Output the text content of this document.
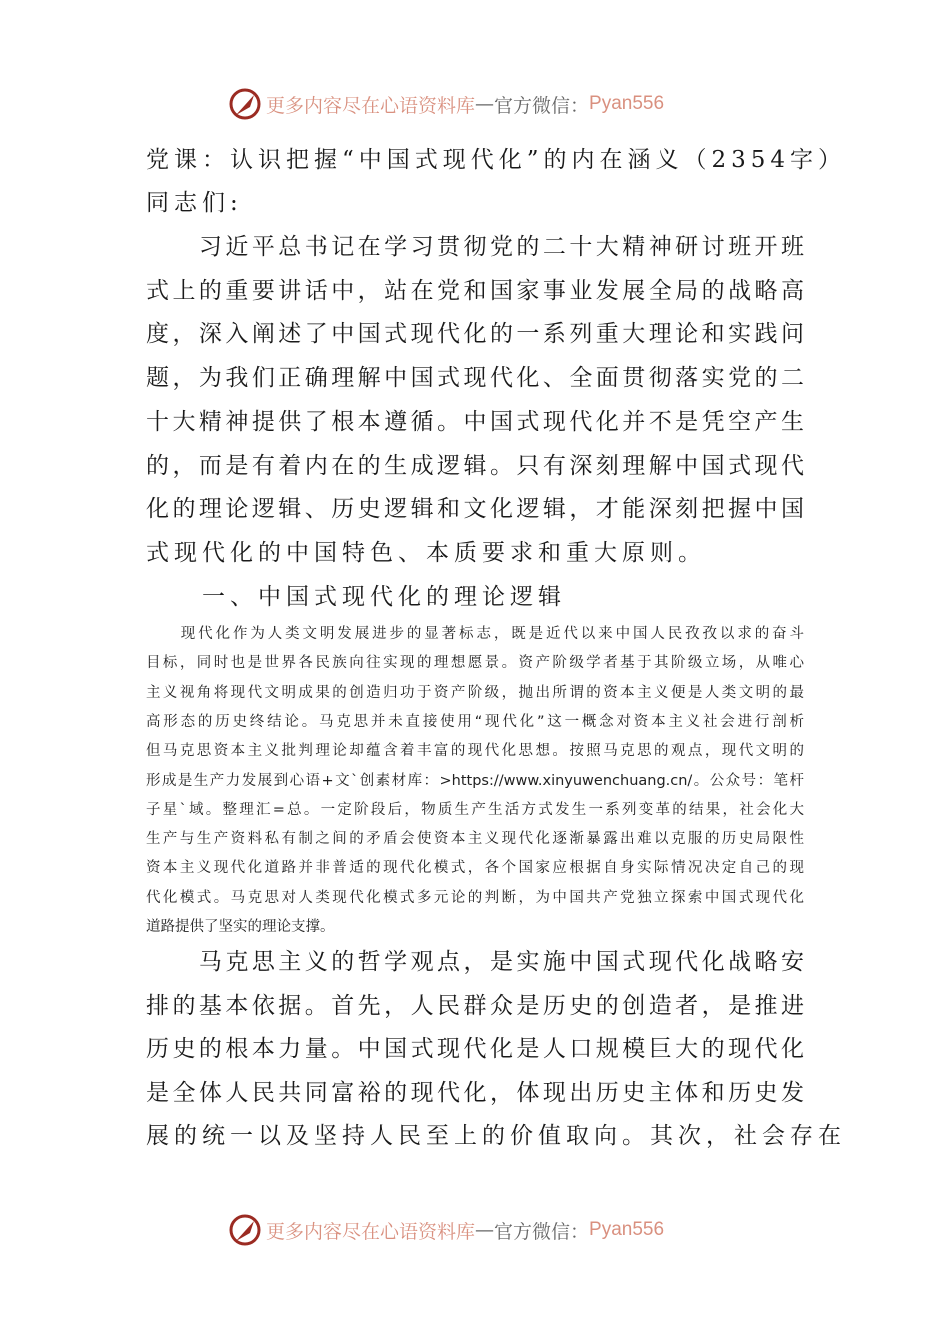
更多内容尽在心语资料库 — 官方微信： Pyan556
更多内容尽在心语资料库 — 官方微信： Pyan556
党课：认识把握“中国式现代化”的内在涵义（2354字）
同志们:
　　习近平总书记在学习贯彻党的二十大精神研讨班开班
式上的重要讲话中，站在党和国家事业发展全局的战略高
度，深入阐述了中国式现代化的一系列重大理论和实践问
题，为我们正确理解中国式现代化、全面贯彻落实党的二
十大精神提供了根本遵循。中国式现代化并不是凭空产生
的，而是有着内在的生成逻辑。只有深刻理解中国式现代
化的理论逻辑、历史逻辑和文化逻辑，才能深刻把握中国
式现代化的中国特色、本质要求和重大原则。
　　一、中国式现代化的理论逻辑
　　现代化作为人类文明发展进步的显著标志，既是近代以来中国人民孜孜以求的奋斗
目标，同时也是世界各民族向往实现的理想愿景。资产阶级学者基于其阶级立场，从唯心
主义视角将现代文明成果的创造归功于资产阶级，抛出所谓的资本主义便是人类文明的最
高形态的历史终结论。马克思并未直接使用“现代化”这一概念对资本主义社会进行剖析
但马克思资本主义批判理论却蕴含着丰富的现代化思想。按照马克思的观点，现代文明的
形成是生产力发展到心语+文`创素材库：>https://www.xinyuwenchuang.cn/。公众号：笔杆
子星`域。整理汇=总。一定阶段后，物质生产生活方式发生一系列变革的结果，社会化大
生产与生产资料私有制之间的矛盾会使资本主义现代化逐渐暴露出难以克服的历史局限性
资本主义现代化道路并非普适的现代化模式，各个国家应根据自身实际情况决定自己的现
代化模式。马克思对人类现代化模式多元论的判断，为中国共产党独立探索中国式现代化
道路提供了坚实的理论支撑。
　　马克思主义的哲学观点，是实施中国式现代化战略安
排的基本依据。首先，人民群众是历史的创造者，是推进
历史的根本力量。中国式现代化是人口规模巨大的现代化
是全体人民共同富裕的现代化，体现出历史主体和历史发
展的统一以及坚持人民至上的价值取向。其次，社会存在
